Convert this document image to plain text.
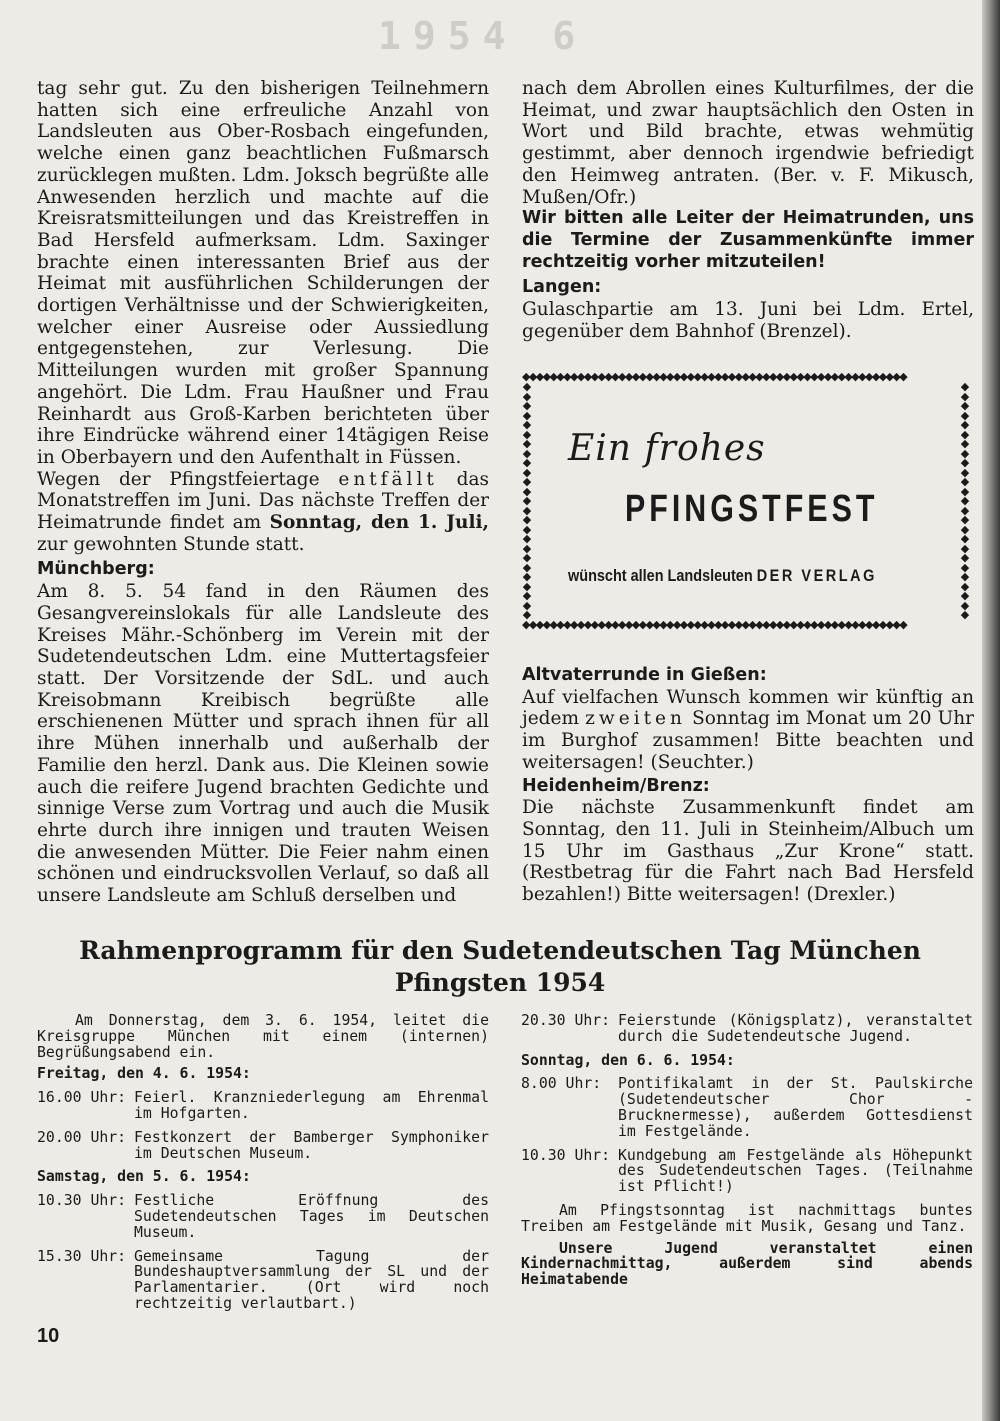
1954 6

tag sehr gut. Zu den bisherigen Teilnehmern hatten sich eine erfreuliche Anzahl von Landsleuten aus Ober-Rosbach eingefunden, welche einen ganz beachtlichen Fußmarsch zurücklegen mußten. Ldm. Joksch begrüßte alle Anwesenden herzlich und machte auf die Kreisratsmitteilungen und das Kreistreffen in Bad Hersfeld aufmerksam. Ldm. Saxinger brachte einen interessanten Brief aus der Heimat mit ausführlichen Schilderungen der dortigen Verhältnisse und der Schwierigkeiten, welcher einer Ausreise oder Aussiedlung entgegenstehen, zur Verlesung. Die Mitteilungen wurden mit großer Spannung angehört. Die Ldm. Frau Haußner und Frau Reinhardt aus Groß-Karben berichteten über ihre Eindrücke während einer 14tägigen Reise in Oberbayern und den Aufenthalt in Füssen.

Wegen der Pfingstfeiertage entfällt das Monatstreffen im Juni. Das nächste Treffen der Heimatrunde findet am Sonntag, den 1. Juli, zur gewohnten Stunde statt.

Münchberg:

Am 8. 5. 54 fand in den Räumen des Gesangvereinslokals für alle Landsleute des Kreises Mähr.-Schönberg im Verein mit der Sudetendeutschen Ldm. eine Muttertagsfeier statt. Der Vorsitzende der SdL. und auch Kreisobmann Kreibisch begrüßte alle erschienenen Mütter und sprach ihnen für all ihre Mühen innerhalb und außerhalb der Familie den herzl. Dank aus. Die Kleinen sowie auch die reifere Jugend brachten Gedichte und sinnige Verse zum Vortrag und auch die Musik ehrte durch ihre innigen und trauten Weisen die anwesenden Mütter. Die Feier nahm einen schönen und eindrucksvollen Verlauf, so daß all unsere Landsleute am Schluß derselben und

nach dem Abrollen eines Kulturfilmes, der die Heimat, und zwar hauptsächlich den Osten in Wort und Bild brachte, etwas wehmütig gestimmt, aber dennoch irgendwie befriedigt den Heimweg antraten. (Ber. v. F. Mikusch, Mußen/Ofr.)

Wir bitten alle Leiter der Heimatrunden, uns die Termine der Zusammenkünfte immer rechtzeitig vorher mitzuteilen!

Langen:

Gulaschpartie am 13. Juni bei Ldm. Ertel, gegenüber dem Bahnhof (Brenzel).

◆◆◆◆◆◆◆◆◆◆◆◆◆◆◆◆◆◆◆◆◆◆◆◆◆◆◆◆◆◆◆◆◆◆◆◆◆◆◆◆◆◆◆◆◆◆◆◆◆◆◆◆◆◆◆◆
◆◆◆◆◆◆◆◆◆◆◆◆◆◆◆◆◆◆◆◆◆◆◆◆◆◆◆◆◆◆◆◆◆◆◆◆◆◆◆◆◆◆◆◆◆◆◆◆◆◆◆◆◆◆◆◆
◆
◆
◆
◆
◆
◆
◆
◆
◆
◆
◆
◆
◆
◆
◆
◆
◆
◆
◆
◆
◆
◆
◆
◆
◆
◆
◆
◆
◆
◆
◆
◆
◆
◆
◆
◆
◆
◆
◆
◆
◆
◆
◆
◆
◆
◆
◆
◆
◆
◆
Ein frohes
PFINGSTFEST
wünscht allen Landsleuten DER VERLAG

Altvaterrunde in Gießen:

Auf vielfachen Wunsch kommen wir künftig an jedem zweiten Sonntag im Monat um 20 Uhr im Burghof zusammen! Bitte beachten und weitersagen! (Seuchter.)

Heidenheim/Brenz:

Die nächste Zusammenkunft findet am Sonntag, den 11. Juli in Steinheim/Albuch um 15 Uhr im Gasthaus „Zur Krone“ statt. (Restbetrag für die Fahrt nach Bad Hersfeld bezahlen!) Bitte weitersagen! (Drexler.)

Rahmenprogramm für den Sudetendeutschen Tag München
Pfingsten 1954

Am Donnerstag, dem 3. 6. 1954, leitet die Kreisgruppe München mit einem (internen) Begrüßungsabend ein.

Freitag, den 4. 6. 1954:

16.00 Uhr: Feierl. Kranzniederlegung am Ehrenmal im Hofgarten.
20.00 Uhr: Festkonzert der Bamberger Symphoniker im Deutschen Museum.

Samstag, den 5. 6. 1954:

10.30 Uhr: Festliche Eröffnung des Sudetendeutschen Tages im Deutschen Museum.
15.30 Uhr: Gemeinsame Tagung der Bundeshauptversammlung der SL und der Parlamentarier. (Ort wird noch rechtzeitig verlautbart.)
20.30 Uhr: Feierstunde (Königsplatz), veranstaltet durch die Sudetendeutsche Jugend.

Sonntag, den 6. 6. 1954:

8.00 Uhr:	Pontifikalamt in der St. Paulskirche (Sudetendeutscher Chor - Brucknermesse), außerdem Gottesdienst im Festgelände.
10.30 Uhr: Kundgebung am Festgelände als Höhepunkt des Sudetendeutschen Tages. (Teilnahme ist Pflicht!)

Am Pfingstsonntag ist nachmittags buntes Treiben am Festgelände mit Musik, Gesang und Tanz.

Unsere Jugend veranstaltet einen Kindernachmittag, außerdem sind abends Heimatabende

10
